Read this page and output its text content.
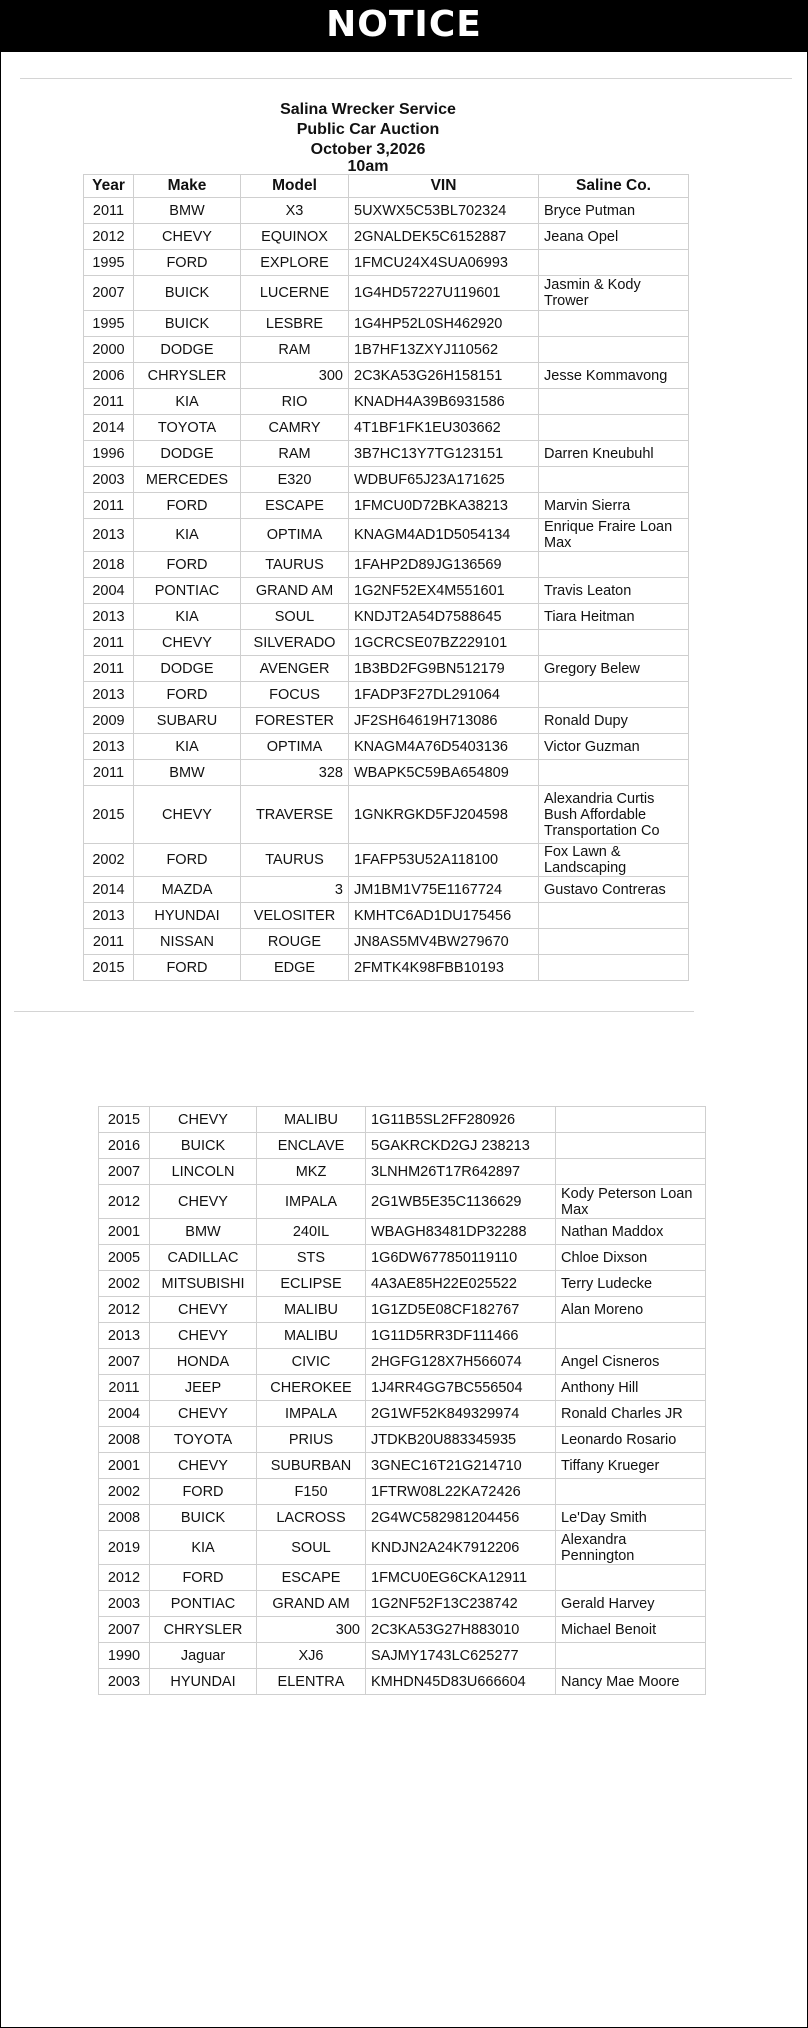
NOTICE
Salina Wrecker Service
Public Car Auction
October 3,2026
10am
Year	Make	Model	VIN	Saline Co.
2011	BMW	X3	5UXWX5C53BL702324	Bryce Putman
2012	CHEVY	EQUINOX	2GNALDEK5C6152887	Jeana Opel
1995	FORD	EXPLORE	1FMCU24X4SUA06993	
2007	BUICK	LUCERNE	1G4HD57227U119601	Jasmin & Kody Trower
1995	BUICK	LESBRE	1G4HP52L0SH462920	
2000	DODGE	RAM	1B7HF13ZXYJ110562	
2006	CHRYSLER	300	2C3KA53G26H158151	Jesse Kommavong
2011	KIA	RIO	KNADH4A39B6931586	
2014	TOYOTA	CAMRY	4T1BF1FK1EU303662	
1996	DODGE	RAM	3B7HC13Y7TG123151	Darren Kneubuhl
2003	MERCEDES	E320	WDBUF65J23A171625	
2011	FORD	ESCAPE	1FMCU0D72BKA38213	Marvin Sierra
2013	KIA	OPTIMA	KNAGM4AD1D5054134	Enrique Fraire Loan Max
2018	FORD	TAURUS	1FAHP2D89JG136569	
2004	PONTIAC	GRAND AM	1G2NF52EX4M551601	Travis Leaton
2013	KIA	SOUL	KNDJT2A54D7588645	Tiara Heitman
2011	CHEVY	SILVERADO	1GCRCSE07BZ229101	
2011	DODGE	AVENGER	1B3BD2FG9BN512179	Gregory Belew
2013	FORD	FOCUS	1FADP3F27DL291064	
2009	SUBARU	FORESTER	JF2SH64619H713086	Ronald Dupy
2013	KIA	OPTIMA	KNAGM4A76D5403136	Victor Guzman
2011	BMW	328	WBAPK5C59BA654809	
2015	CHEVY	TRAVERSE	1GNKRGKD5FJ204598	Alexandria Curtis Bush Affordable Transportation Co
2002	FORD	TAURUS	1FAFP53U52A118100	Fox Lawn & Landscaping
2014	MAZDA	3	JM1BM1V75E1167724	Gustavo Contreras
2013	HYUNDAI	VELOSITER	KMHTC6AD1DU175456	
2011	NISSAN	ROUGE	JN8AS5MV4BW279670	
2015	FORD	EDGE	2FMTK4K98FBB10193	
2015	CHEVY	MALIBU	1G11B5SL2FF280926	
2016	BUICK	ENCLAVE	5GAKRCKD2GJ 238213	
2007	LINCOLN	MKZ	3LNHM26T17R642897	
2012	CHEVY	IMPALA	2G1WB5E35C1136629	Kody Peterson Loan Max
2001	BMW	240IL	WBAGH83481DP32288	Nathan Maddox
2005	CADILLAC	STS	1G6DW677850119110	Chloe Dixson
2002	MITSUBISHI	ECLIPSE	4A3AE85H22E025522	Terry Ludecke
2012	CHEVY	MALIBU	1G1ZD5E08CF182767	Alan Moreno
2013	CHEVY	MALIBU	1G11D5RR3DF111466	
2007	HONDA	CIVIC	2HGFG128X7H566074	Angel Cisneros
2011	JEEP	CHEROKEE	1J4RR4GG7BC556504	Anthony Hill
2004	CHEVY	IMPALA	2G1WF52K849329974	Ronald Charles JR
2008	TOYOTA	PRIUS	JTDKB20U883345935	Leonardo Rosario
2001	CHEVY	SUBURBAN	3GNEC16T21G214710	Tiffany Krueger
2002	FORD	F150	1FTRW08L22KA72426	
2008	BUICK	LACROSS	2G4WC582981204456	Le'Day Smith
2019	KIA	SOUL	KNDJN2A24K7912206	Alexandra Pennington
2012	FORD	ESCAPE	1FMCU0EG6CKA12911	
2003	PONTIAC	GRAND AM	1G2NF52F13C238742	Gerald Harvey
2007	CHRYSLER	300	2C3KA53G27H883010	Michael Benoit
1990	Jaguar	XJ6	SAJMY1743LC625277	
2003	HYUNDAI	ELENTRA	KMHDN45D83U666604	Nancy Mae Moore
